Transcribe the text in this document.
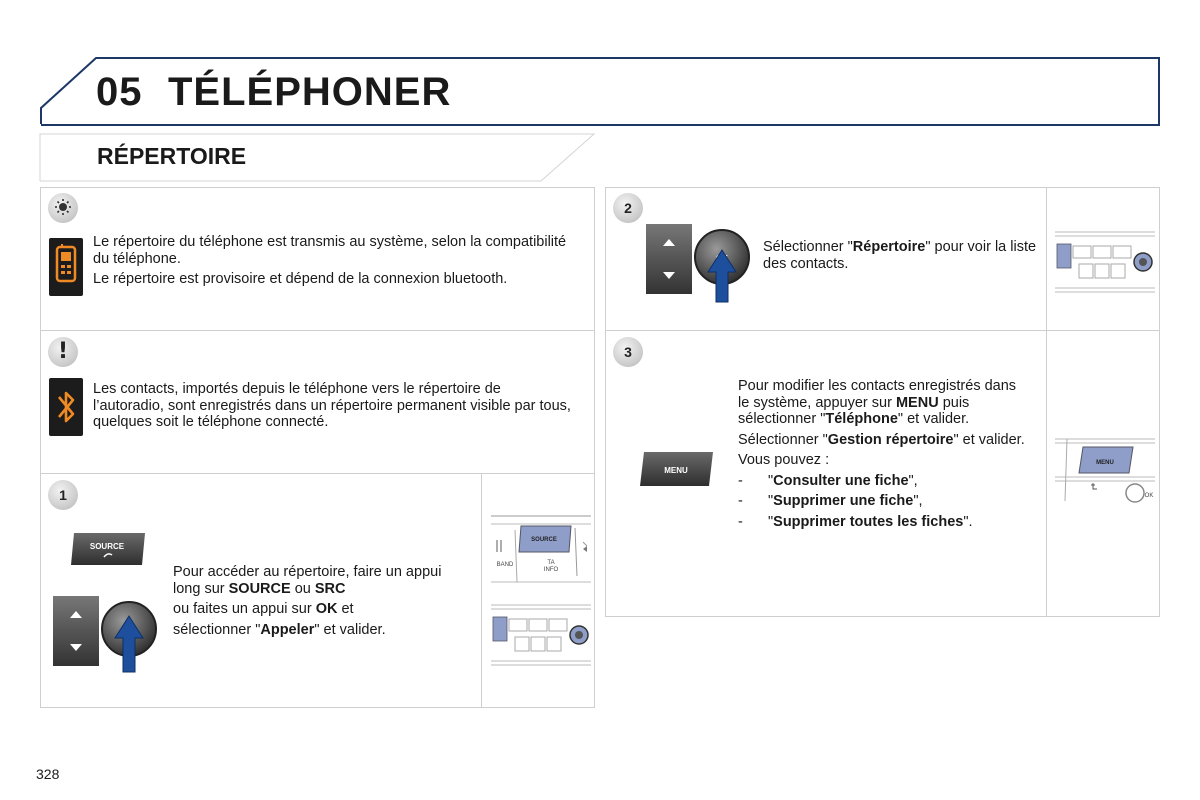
05 TÉLÉPHONER
RÉPERTOIRE

Le répertoire du téléphone est transmis au système, selon la compatibilité du téléphone.

Le répertoire est provisoire et dépend de la connexion bluetooth.

!
Les contacts, importés depuis le téléphone vers le répertoire de l’autoradio, sont enregistrés dans un répertoire permanent visible par tous, quelques soit le téléphone connecté.
1
SOURCE

Pour accéder au répertoire, faire un appui long sur SOURCE ou SRC

ou faites un appui sur OK et

sélectionner "Appeler" et valider.

SOURCE
BAND	TA
INFO
2
Sélectionner "Répertoire" pour voir la liste des contacts.
3
MENU

Pour modifier les contacts enregistrés dans le système, appuyer sur MENU puis sélectionner "Téléphone" et valider.

Sélectionner "Gestion répertoire" et valider.

Vous pouvez :

- "Consulter une fiche",
- "Supprimer une fiche",
- "Supprimer toutes les fiches".
MENU
OK
328
